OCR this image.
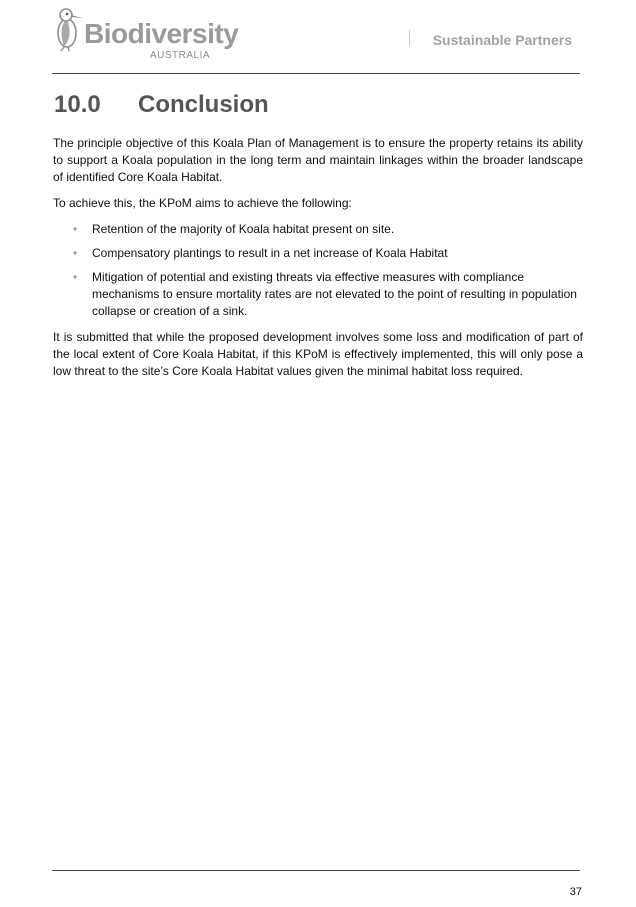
Biodiversity
AUSTRALIA
Sustainable Partners
10.0 Conclusion

The principle objective of this Koala Plan of Management is to ensure the property retains its ability to support a Koala population in the long term and maintain linkages within the broader landscape of identified Core Koala Habitat.

To achieve this, the KPoM aims to achieve the following:

• Retention of the majority of Koala habitat present on site.
• Compensatory plantings to result in a net increase of Koala Habitat
• Mitigation of potential and existing threats via effective measures with compliance mechanisms to ensure mortality rates are not elevated to the point of resulting in population collapse or creation of a sink.

It is submitted that while the proposed development involves some loss and modification of part of the local extent of Core Koala Habitat, if this KPoM is effectively implemented, this will only pose a low threat to the site’s Core Koala Habitat values given the minimal habitat loss required.

37
